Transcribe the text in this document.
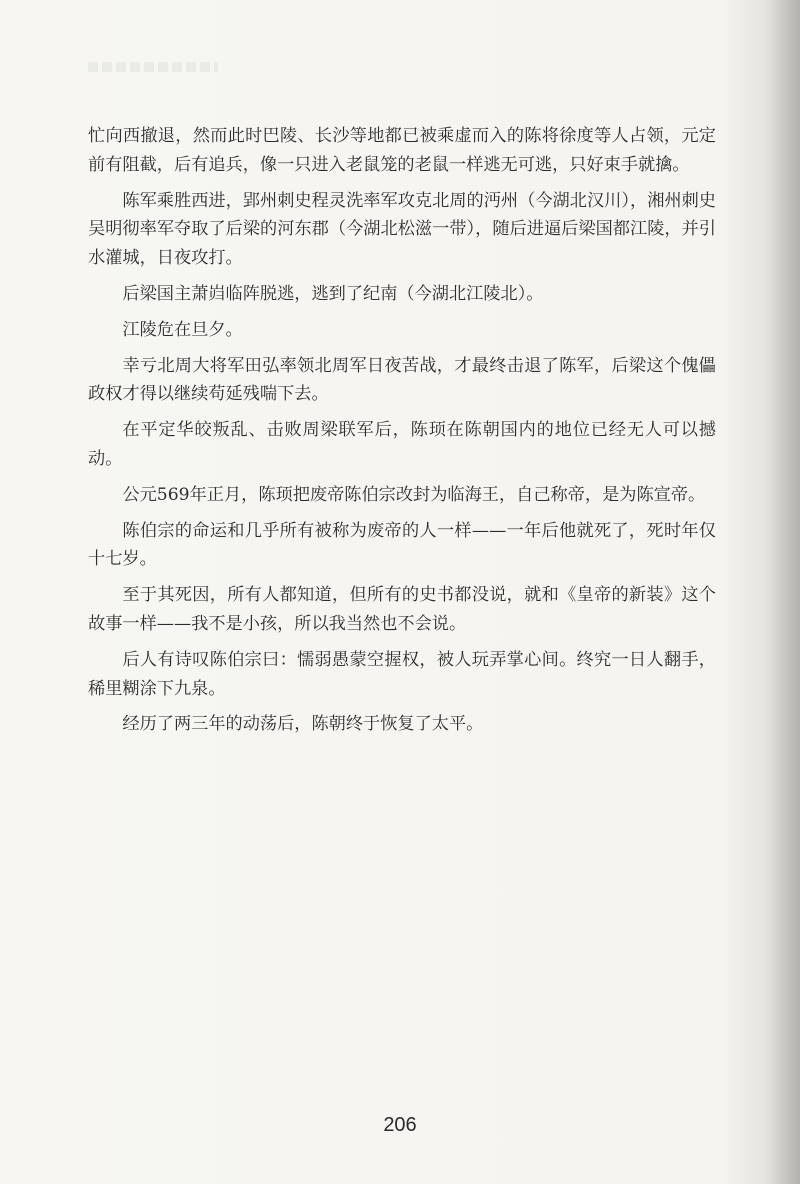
忙向西撤退，然而此时巴陵、长沙等地都已被乘虚而入的陈将徐度等人占领，元定前有阻截，后有追兵，像一只进入老鼠笼的老鼠一样逃无可逃，只好束手就擒。

陈军乘胜西进，郢州刺史程灵洗率军攻克北周的沔州（今湖北汉川），湘州刺史吴明彻率军夺取了后梁的河东郡（今湖北松滋一带），随后进逼后梁国都江陵，并引水灌城，日夜攻打。

后梁国主萧岿临阵脱逃，逃到了纪南（今湖北江陵北）。

江陵危在旦夕。

幸亏北周大将军田弘率领北周军日夜苦战，才最终击退了陈军，后梁这个傀儡政权才得以继续苟延残喘下去。

在平定华皎叛乱、击败周梁联军后，陈顼在陈朝国内的地位已经无人可以撼动。

公元569年正月，陈顼把废帝陈伯宗改封为临海王，自己称帝，是为陈宣帝。

陈伯宗的命运和几乎所有被称为废帝的人一样——一年后他就死了，死时年仅十七岁。

至于其死因，所有人都知道，但所有的史书都没说，就和《皇帝的新装》这个故事一样——我不是小孩，所以我当然也不会说。

后人有诗叹陈伯宗曰：懦弱愚蒙空握权，被人玩弄掌心间。终究一日人翻手，稀里糊涂下九泉。

经历了两三年的动荡后，陈朝终于恢复了太平。

206
